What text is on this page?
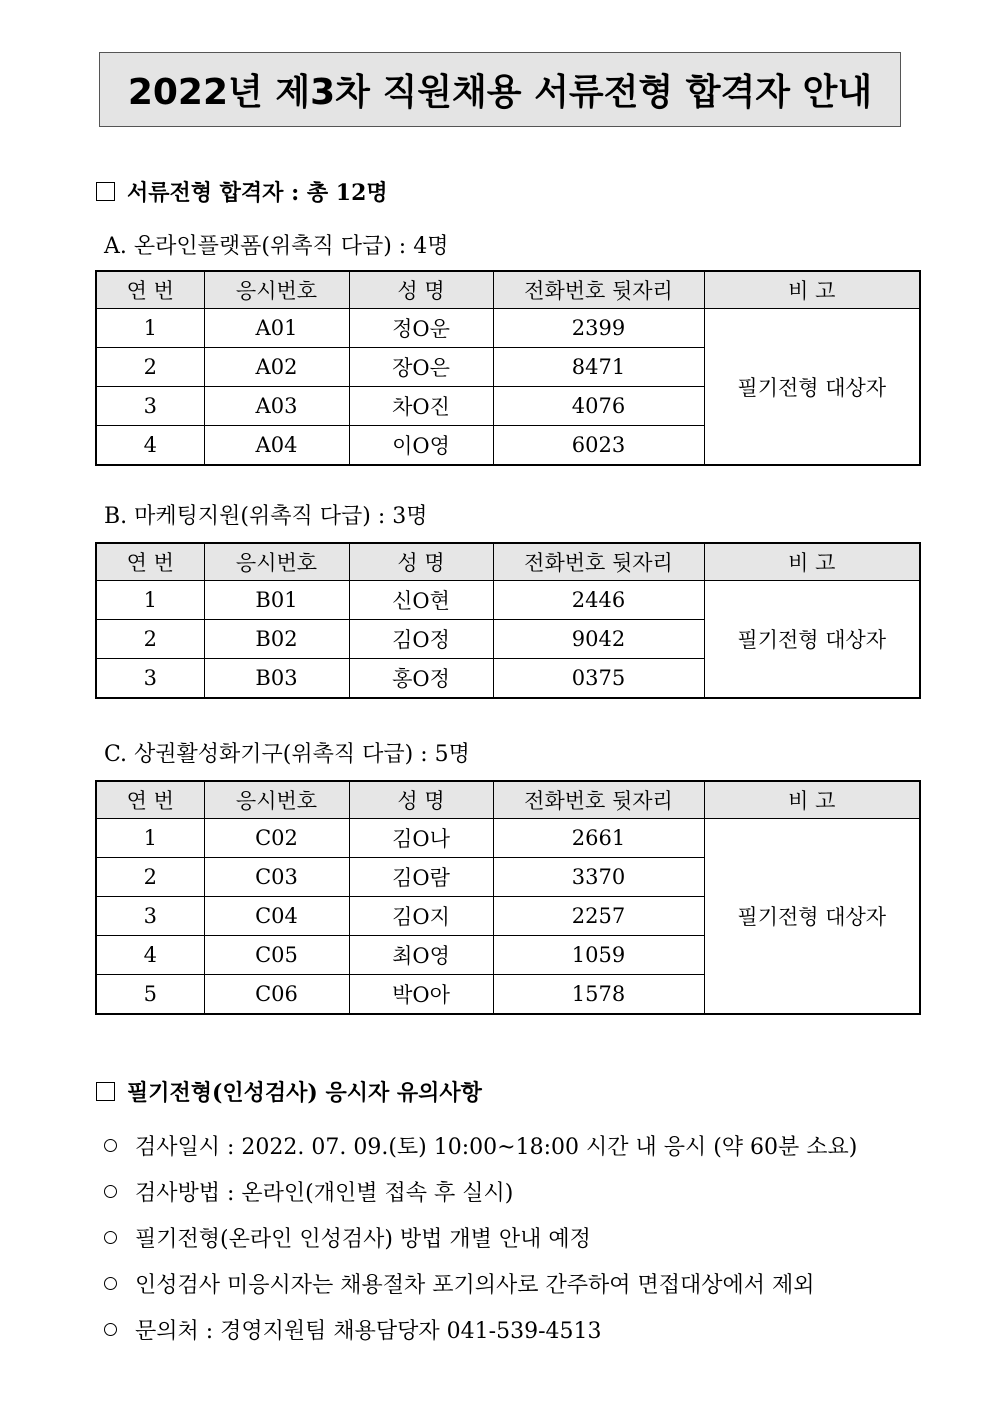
2022년 제3차 직원채용 서류전형 합격자 안내
서류전형 합격자 : 총 12명
A. 온라인플랫폼(위촉직 다급) : 4명
연 번	응시번호	성 명	전화번호 뒷자리	비 고
1	A01	정O운	2399	필기전형 대상자
2	A02	장O은	8471	
3	A03	차O진	4076	
4	A04	이O영	6023	
B. 마케팅지원(위촉직 다급) : 3명
연 번	응시번호	성 명	전화번호 뒷자리	비 고
1	B01	신O현	2446	필기전형 대상자
2	B02	김O정	9042	
3	B03	홍O정	0375	
C. 상권활성화기구(위촉직 다급) : 5명
연 번	응시번호	성 명	전화번호 뒷자리	비 고
1	C02	김O나	2661	필기전형 대상자
2	C03	김O람	3370	
3	C04	김O지	2257	
4	C05	최O영	1059	
5	C06	박O아	1578	
필기전형(인성검사) 응시자 유의사항
검사일시 : 2022. 07. 09.(토) 10:00~18:00 시간 내 응시 (약 60분 소요)
검사방법 : 온라인(개인별 접속 후 실시)
필기전형(온라인 인성검사) 방법 개별 안내 예정
인성검사 미응시자는 채용절차 포기의사로 간주하여 면접대상에서 제외
문의처 : 경영지원팀 채용담당자 041-539-4513
